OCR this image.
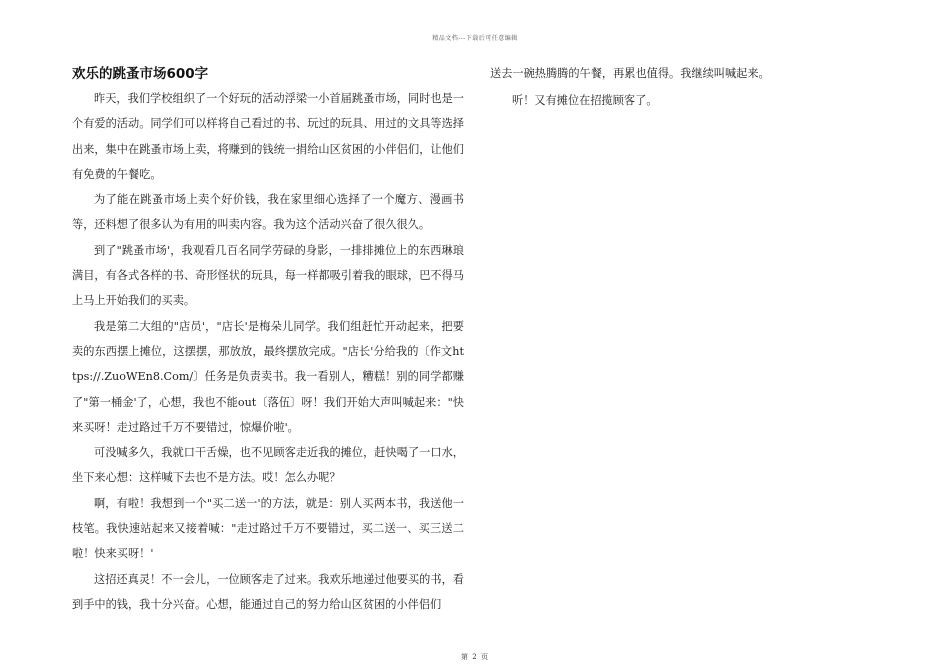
精品文档---下载后可任意编辑
欢乐的跳蚤市场600字

昨天，我们学校组织了一个好玩的活动浮梁一小首届跳蚤市场，同时也是一个有爱的活动。同学们可以样将自己看过的书、玩过的玩具、用过的文具等选择出来，集中在跳蚤市场上卖，将赚到的钱统一捐给山区贫困的小伴侣们，让他们有免费的午餐吃。

为了能在跳蚤市场上卖个好价钱，我在家里细心选择了一个魔方、漫画书等，还料想了很多认为有用的叫卖内容。我为这个活动兴奋了很久很久。

到了"跳蚤市场'，我观看几百名同学劳碌的身影，一排排摊位上的东西琳琅满目，有各式各样的书、奇形怪状的玩具，每一样都吸引着我的眼球，巴不得马上马上开始我们的买卖。

我是第二大组的"店员'，"店长'是梅朵儿同学。我们组赶忙开动起来，把要卖的东西摆上摊位，这摆摆，那放放，最终摆放完成。"店长'分给我的〔作文https://.ZuoWEn8.Com/〕任务是负责卖书。我一看别人，糟糕！别的同学都赚了"第一桶金'了，心想，我也不能out〔落伍〕呀！我们开始大声叫喊起来："快来买呀！走过路过千万不要错过，惊爆价啦'。

可没喊多久，我就口干舌燥，也不见顾客走近我的摊位，赶快喝了一口水，坐下来心想：这样喊下去也不是方法。哎！怎么办呢？

啊，有啦！我想到一个"买二送一'的方法，就是：别人买两本书，我送他一枝笔。我快速站起来又接着喊："走过路过千万不要错过，买二送一、买三送二啦！快来买呀！'

这招还真灵！不一会儿，一位顾客走了过来。我欢乐地递过他要买的书，看到手中的钱，我十分兴奋。心想，能通过自己的努力给山区贫困的小伴侣们

送去一碗热腾腾的午餐，再累也值得。我继续叫喊起来。

听！又有摊位在招揽顾客了。

第 2 页
